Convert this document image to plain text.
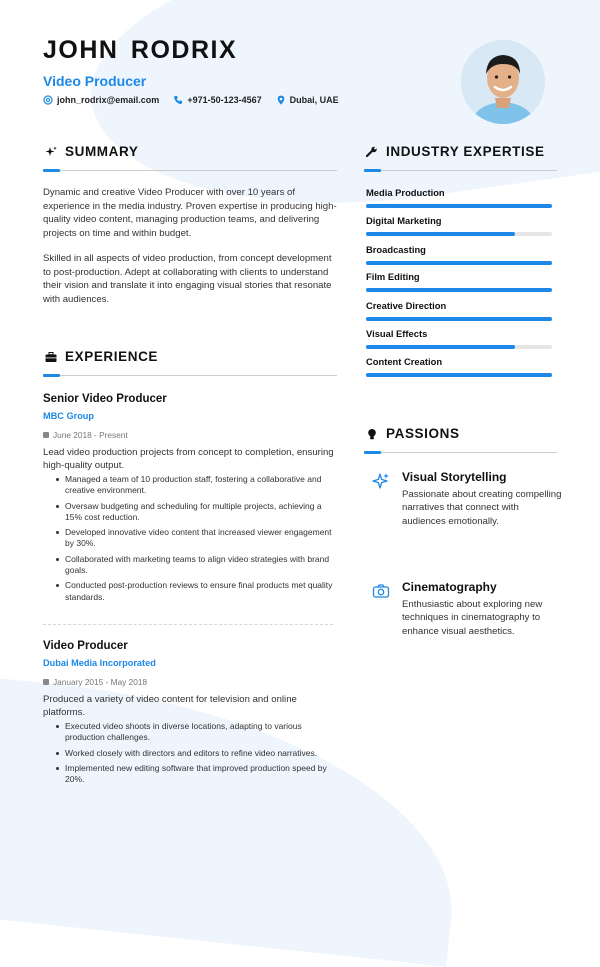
JOHN RODRIX
Video Producer
john_rodrix@email.com	+971-50-123-4567	Dubai, UAE
SUMMARY

Dynamic and creative Video Producer with over 10 years of experience in the media industry. Proven expertise in producing high-quality video content, managing production teams, and delivering projects on time and within budget.

Skilled in all aspects of video production, from concept development to post-production. Adept at collaborating with clients to understand their vision and translate it into engaging visual stories that resonate with audiences.

EXPERIENCE
Senior Video Producer
MBC Group
June 2018 - Present

Lead video production projects from concept to completion, ensuring high-quality output.

Managed a team of 10 production staff, fostering a collaborative and creative environment.
Oversaw budgeting and scheduling for multiple projects, achieving a 15% cost reduction.
Developed innovative video content that increased viewer engagement by 30%.
Collaborated with marketing teams to align video strategies with brand goals.
Conducted post-production reviews to ensure final products met quality standards.
Video Producer
Dubai Media Incorporated
January 2015 - May 2018

Produced a variety of video content for television and online platforms.

Executed video shoots in diverse locations, adapting to various production challenges.
Worked closely with directors and editors to refine video narratives.
Implemented new editing software that improved production speed by 20%.
INDUSTRY EXPERTISE
Media Production
Digital Marketing
Broadcasting
Film Editing
Creative Direction
Visual Effects
Content Creation
PASSIONS
Visual Storytelling

Passionate about creating compelling narratives that connect with audiences emotionally.

Cinematography

Enthusiastic about exploring new techniques in cinematography to enhance visual aesthetics.
